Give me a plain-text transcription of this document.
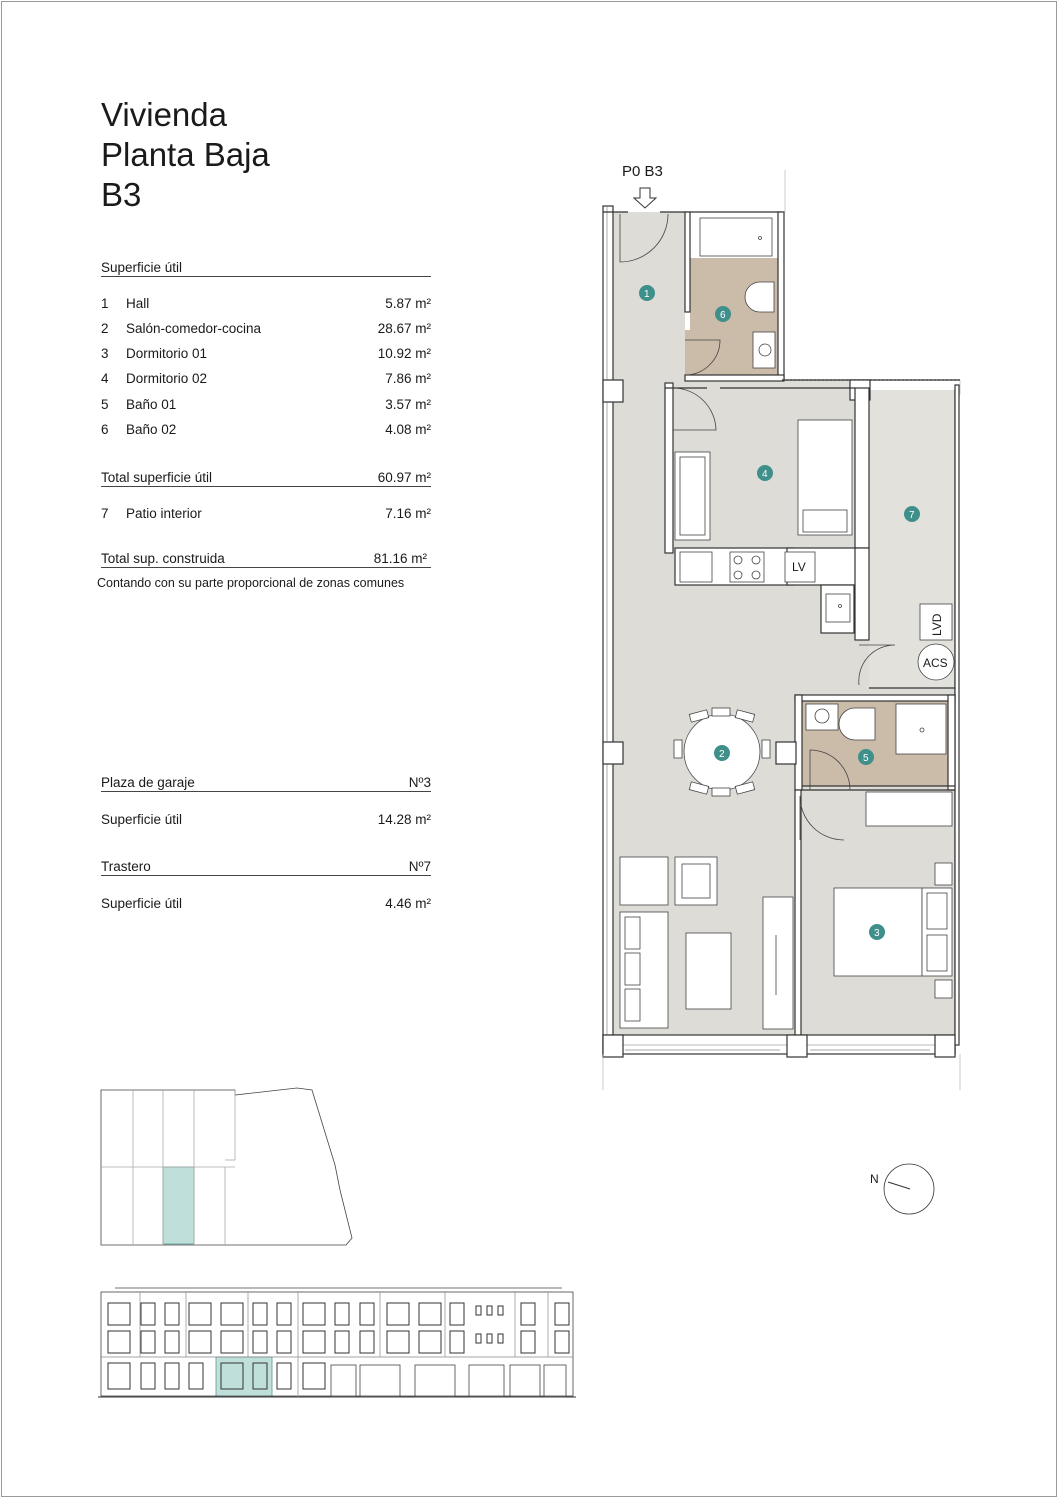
Vivienda
Planta Baja
B3
Superficie útil
1 Hall	5.87 m²
2 Salón-comedor-cocina	28.67 m²
3 Dormitorio 01	10.92 m²
4 Dormitorio 02	7.86 m²
5 Baño 01	3.57 m²
6 Baño 02	4.08 m²
Total superficie útil	60.97 m²
7 Patio interior	7.16 m²
Total sup. construida	81.16 m²
Contando con su parte proporcional de zonas comunes
Plaza de garaje	Nº3
Superficie útil	14.28 m²
Trastero	Nº7
Superficie útil	4.46 m²
P0 B3
LV
LVD
ACS
1
2
3
4
5
6
7
N
